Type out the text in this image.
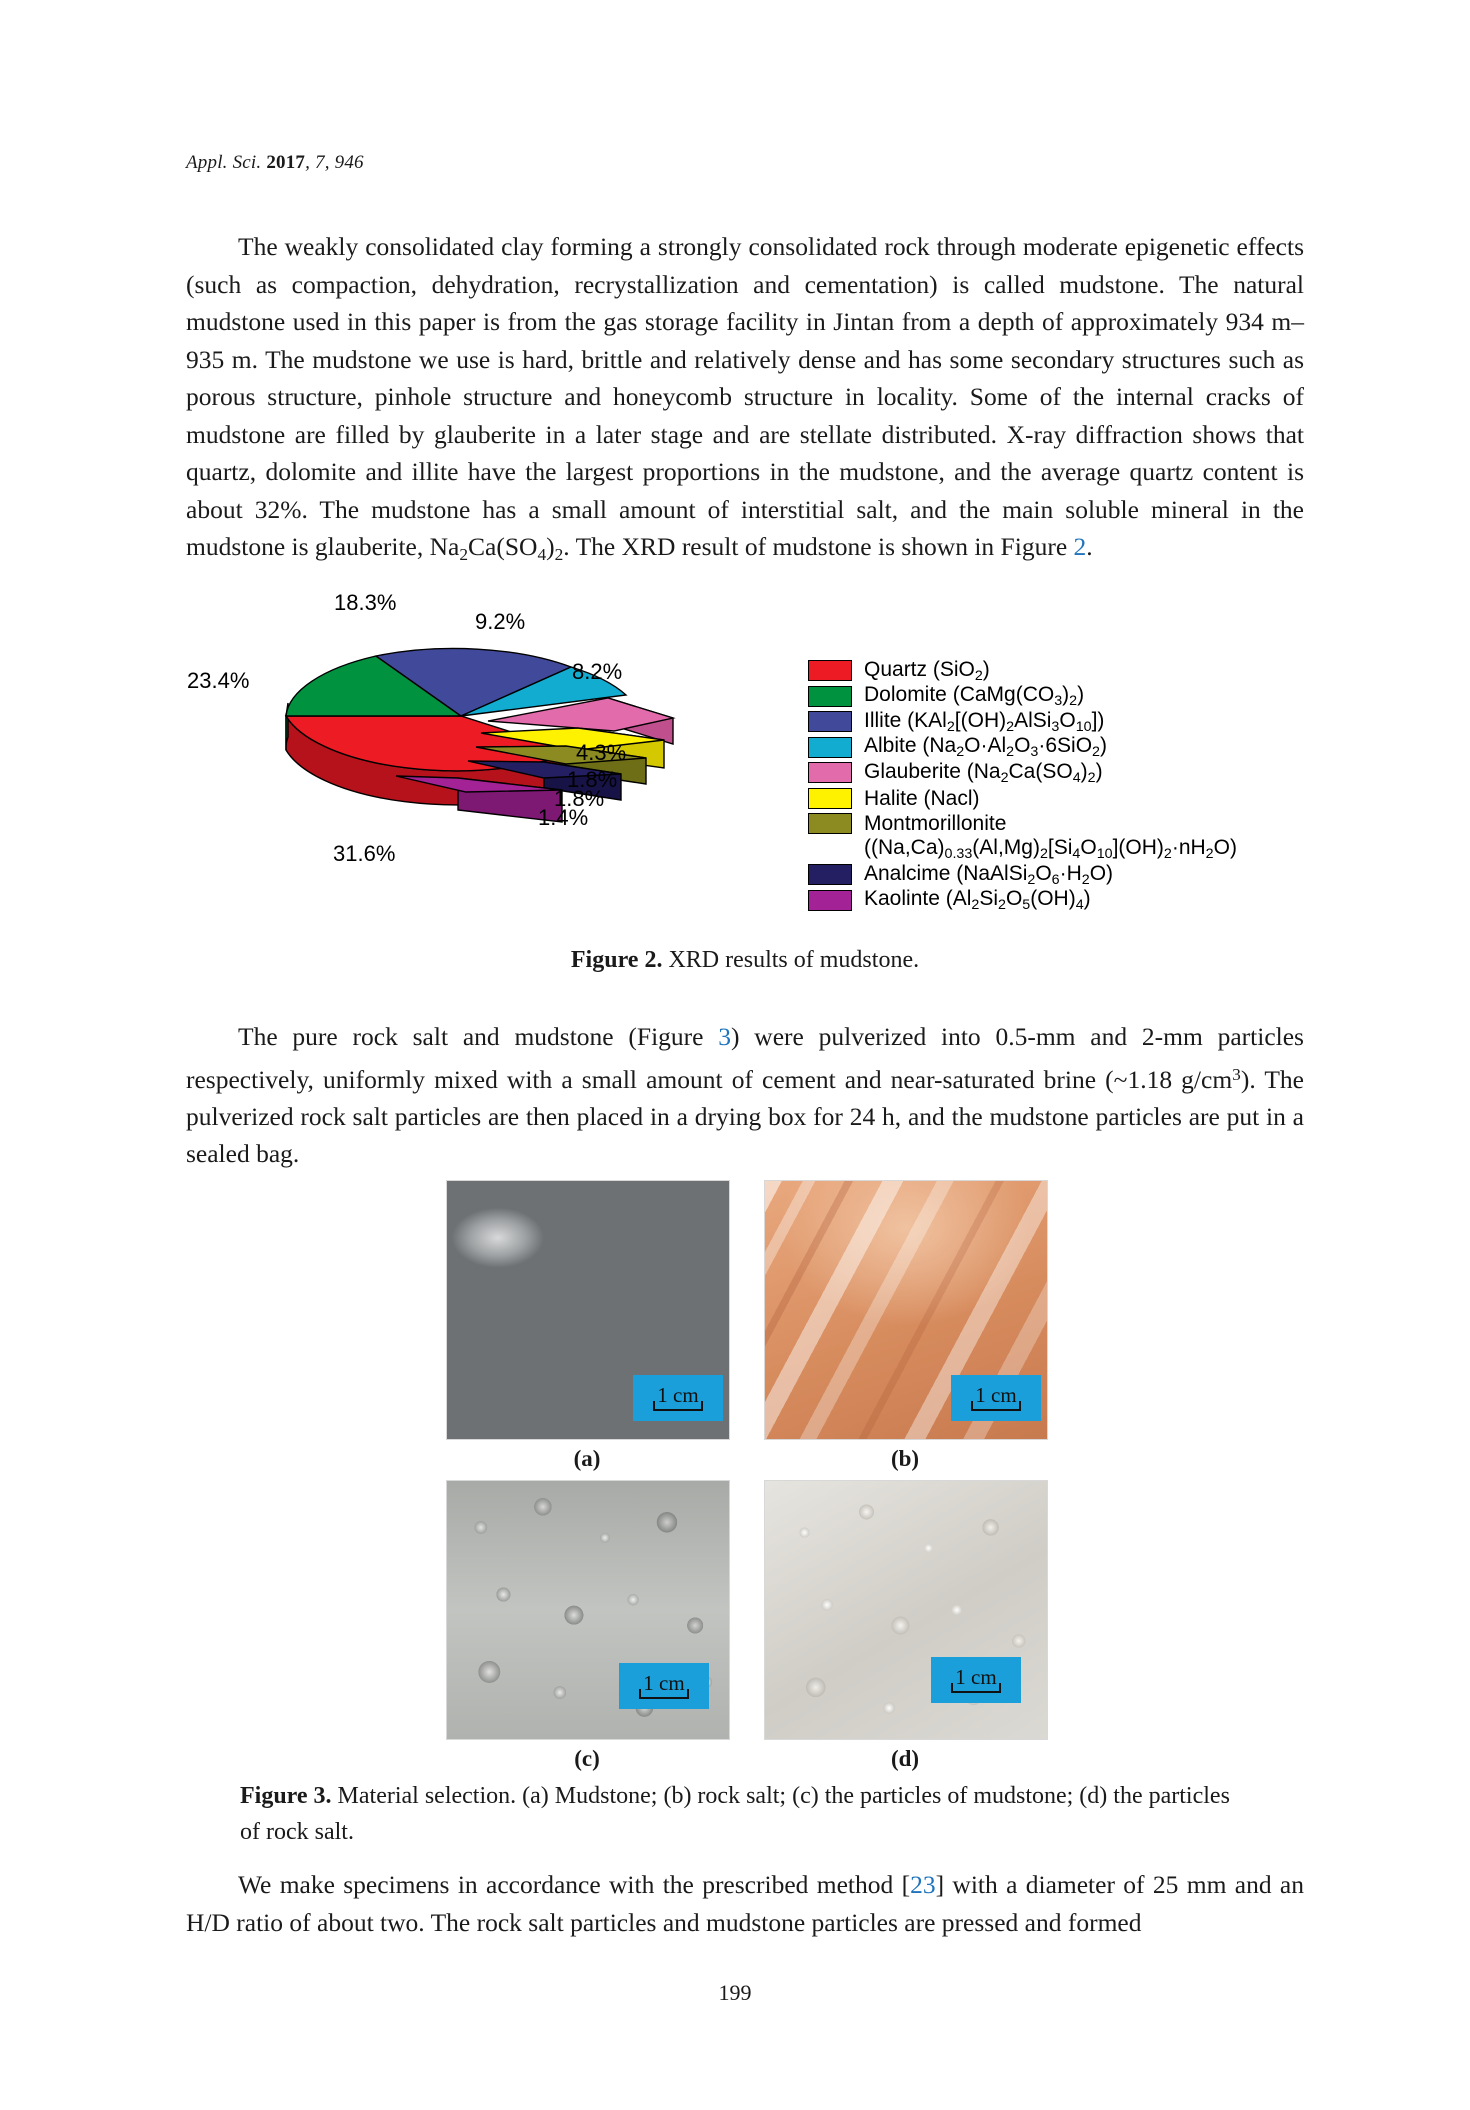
Appl. Sci. 2017, 7, 946
The weakly consolidated clay forming a strongly consolidated rock through moderate epigenetic effects (such as compaction, dehydration, recrystallization and cementation) is called mudstone. The natural mudstone used in this paper is from the gas storage facility in Jintan from a depth of approximately 934 m–935 m. The mudstone we use is hard, brittle and relatively dense and has some secondary structures such as porous structure, pinhole structure and honeycomb structure in locality. Some of the internal cracks of mudstone are filled by glauberite in a later stage and are stellate distributed. X-ray diffraction shows that quartz, dolomite and illite have the largest proportions in the mudstone, and the average quartz content is about 32%. The mudstone has a small amount of interstitial salt, and the main soluble mineral in the mudstone is glauberite, $Na_2Ca(SO_4)_2$. The XRD result of mudstone is shown in Figure 2.
18.3%
23.4%
9.2%
8.2%
4.3%
1.8%
1.8%
1.4%
31.6%
Quartz (SiO$_2$)
Dolomite $(CaMg(CO_3)_2)$
Illite $(KAl_2[(OH)_2AlSi_3O_{10}])$
Albite $(Na_2O\cdot Al_2O_3\cdot 6SiO_2)$
Glauberite $(Na_2Ca(SO_4)_2)$
Halite (Nacl)
Montmorillonite
$((Na,Ca)_{0.33}(Al,Mg)_2[Si_4O_{10}](OH)_2\cdot nH_2O)$
Analcime $(NaAlSi_2O_6\cdot H_2O)$
Kaolinte $(Al_2Si_2O_5(OH)_4)$
Figure 2. XRD results of mudstone.
The pure rock salt and mudstone (Figure 3) were pulverized into 0.5-mm and 2-mm particles respectively, uniformly mixed with a small amount of cement and near-saturated brine (~1.18 $g/cm^3$). The pulverized rock salt particles are then placed in a drying box for 24 h, and the mudstone particles are put in a sealed bag.
1 cm
(a)
1 cm
(b)
1 cm
(c)
1 cm
(d)
Figure 3. Material selection. (a) Mudstone; (b) rock salt; (c) the particles of mudstone; (d) the particles of rock salt.
We make specimens in accordance with the prescribed method [23] with a diameter of 25 mm and an H/D ratio of about two. The rock salt particles and mudstone particles are pressed and formed
199
